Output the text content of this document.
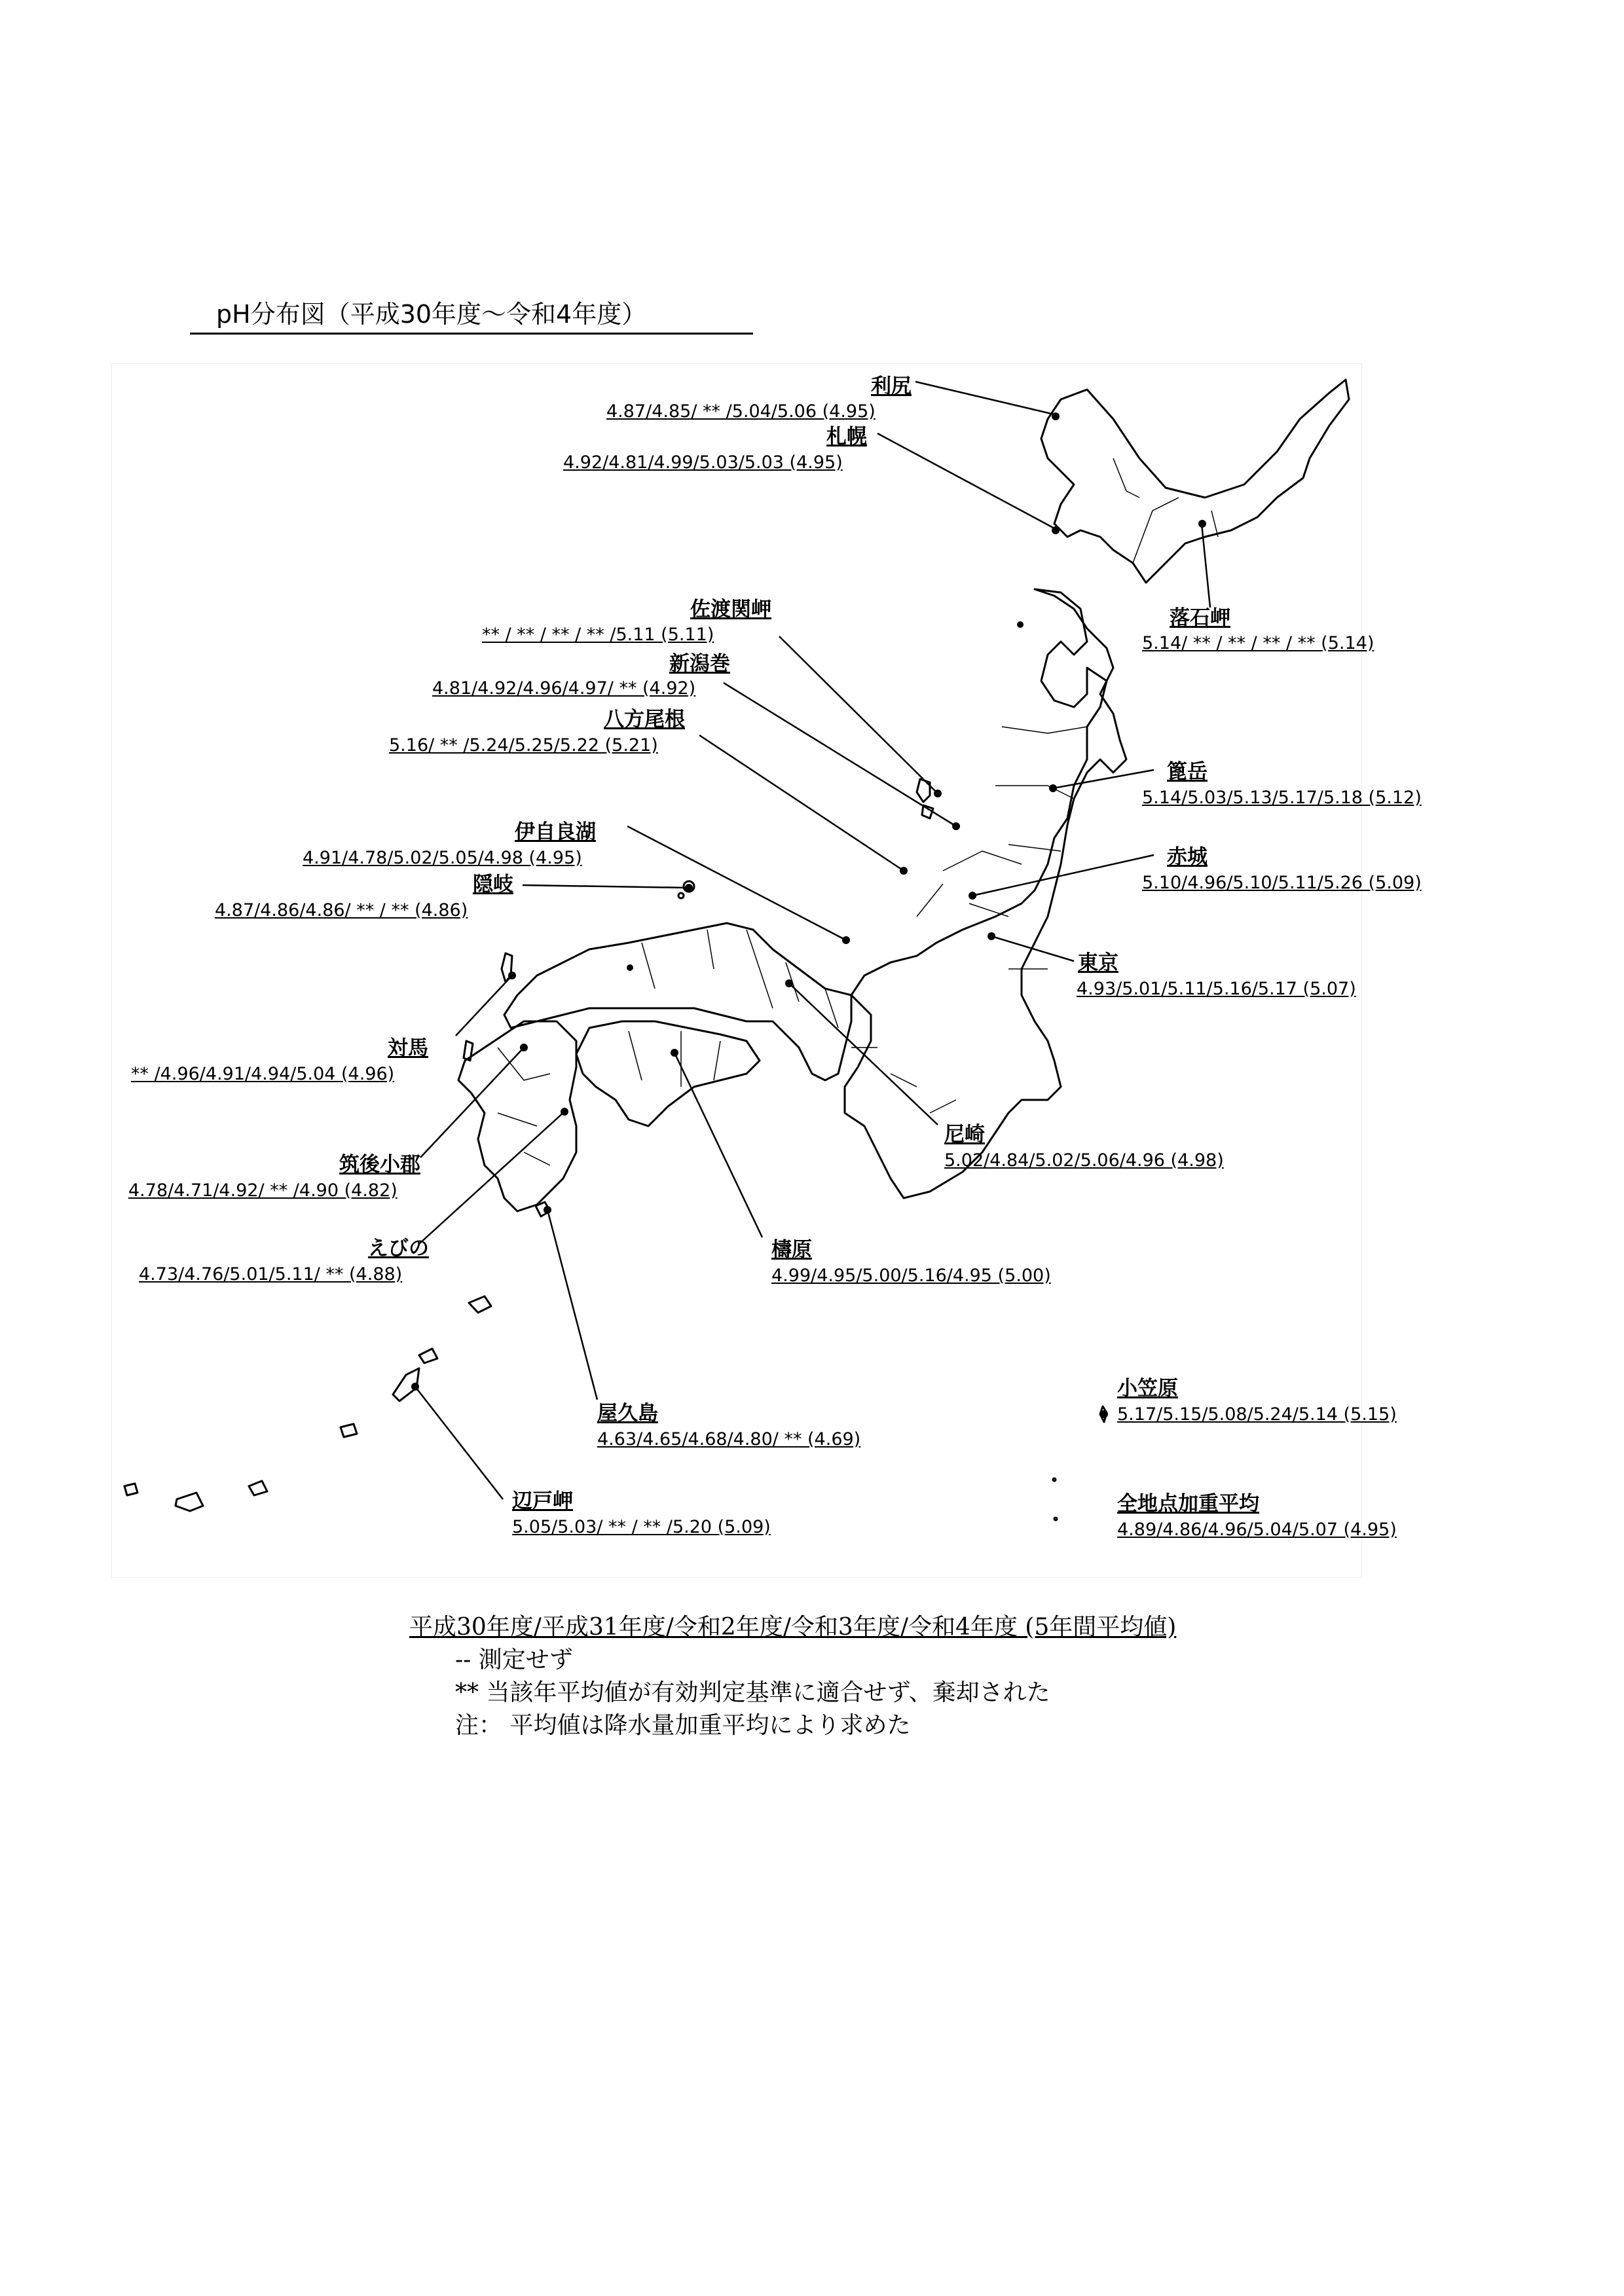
pH分布図（平成30年度～令和4年度）
利尻
4.87/4.85/ ** /5.04/5.06 (4.95)
札幌
4.92/4.81/4.99/5.03/5.03 (4.95)
落石岬
5.14/ ** / ** / ** / ** (5.14)
佐渡関岬
** / ** / ** / ** /5.11 (5.11)
新潟巻
4.81/4.92/4.96/4.97/ ** (4.92)
八方尾根
5.16/ ** /5.24/5.25/5.22 (5.21)
伊自良湖
4.91/4.78/5.02/5.05/4.98 (4.95)
隠岐
4.87/4.86/4.86/ ** / ** (4.86)
篦岳
5.14/5.03/5.13/5.17/5.18 (5.12)
赤城
5.10/4.96/5.10/5.11/5.26 (5.09)
東京
4.93/5.01/5.11/5.16/5.17 (5.07)
対馬
** /4.96/4.91/4.94/5.04 (4.96)
尼崎
5.02/4.84/5.02/5.06/4.96 (4.98)
筑後小郡
4.78/4.71/4.92/ ** /4.90 (4.82)
えびの
4.73/4.76/5.01/5.11/ ** (4.88)
檮原
4.99/4.95/5.00/5.16/4.95 (5.00)
小笠原
5.17/5.15/5.08/5.24/5.14 (5.15)
屋久島
4.63/4.65/4.68/4.80/ ** (4.69)
全地点加重平均
4.89/4.86/4.96/5.04/5.07 (4.95)
辺戸岬
5.05/5.03/ ** / ** /5.20 (5.09)
平成30年度/平成31年度/令和2年度/令和3年度/令和4年度 (5年間平均値)
-- 測定せず
** 当該年平均値が有効判定基準に適合せず、棄却された
注： 平均値は降水量加重平均により求めた
